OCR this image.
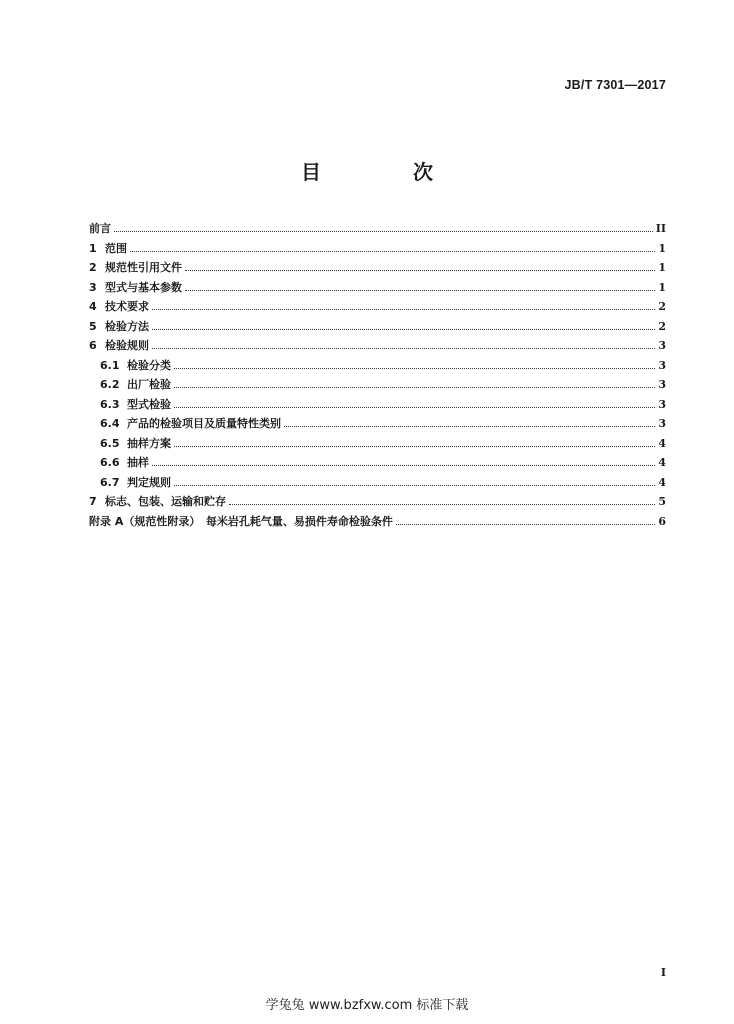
JB/T 7301—2017
目　次
前言	II
1 范围	1
2 规范性引用文件	1
3 型式与基本参数	1
4 技术要求	2
5 检验方法	2
6 检验规则	3
6.1 检验分类	3
6.2 出厂检验	3
6.3 型式检验	3
6.4 产品的检验项目及质量特性类别	3
6.5 抽样方案	4
6.6 抽样	4
6.7 判定规则	4
7 标志、包装、运输和贮存	5
附录 A（规范性附录）　每米岩孔耗气量、易损件寿命检验条件	6
I
学兔兔 www.bzfxw.com 标准下载
